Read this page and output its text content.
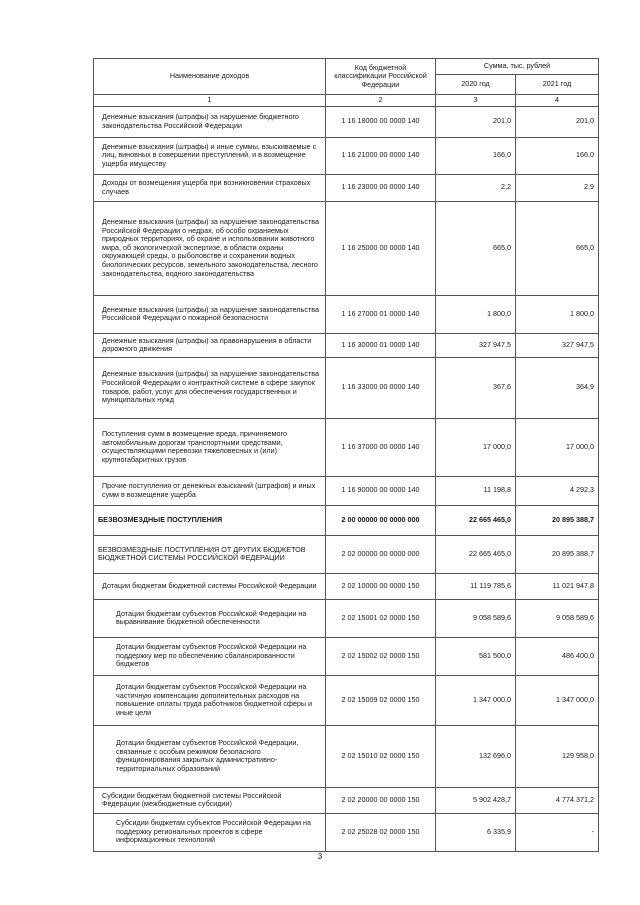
Наименование доходов	Код бюджетной классификации Российской Федерации	Сумма, тыс. рублей	
		2020 год	2021 год
1	2	3	4
Денежные взыскания (штрафы) за нарушение бюджетного законодательства Российской Федерации	1 16 18000 00 0000 140	201,0	201,0
Денежные взыскания (штрафы) и иные суммы, взыскиваемые с лиц, виновных в совершении преступлений, и в возмещение ущерба имуществу	1 16 21000 00 0000 140	166,0	166,0
Доходы от возмещения ущерба при возникновении страховых случаев	1 16 23000 00 0000 140	2,2	2,9
Денежные взыскания (штрафы) за нарушение законодательства Российской Федерации о недрах, об особо охраняемых природных территориях, об охране и использовании животного мира, об экологической экспертизе, в области охраны окружающей среды, о рыболовстве и сохранении водных биологических ресурсов, земельного законодательства, лесного законодательства, водного законодательства	1 16 25000 00 0000 140	665,0	665,0
Денежные взыскания (штрафы) за нарушение законодательства Российской Федерации о пожарной безопасности	1 16 27000 01 0000 140	1 800,0	1 800,0
Денежные взыскания (штрафы) за правонарушения в области дорожного движения	1 16 30000 01 0000 140	327 947,5	327 947,5
Денежные взыскания (штрафы) за нарушение законодательства Российской Федерации о контрактной системе в сфере закупок товаров, работ, услуг для обеспечения государственных и муниципальных нужд	1 16 33000 00 0000 140	367,6	364,9
Поступления сумм в возмещение вреда, причиняемого автомобильным дорогам транспортными средствами, осуществляющими перевозки тяжеловесных и (или) крупногабаритных грузов	1 16 37000 00 0000 140	17 000,0	17 000,0
Прочие поступления от денежных взысканий (штрафов) и иных сумм в возмещение ущерба	1 16 90000 00 0000 140	11 198,8	4 292,3
БЕЗВОЗМЕЗДНЫЕ ПОСТУПЛЕНИЯ	2 00 00000 00 0000 000	22 665 465,0	20 895 388,7
БЕЗВОЗМЕЗДНЫЕ ПОСТУПЛЕНИЯ ОТ ДРУГИХ БЮДЖЕТОВ БЮДЖЕТНОЙ СИСТЕМЫ РОССИЙСКОЙ ФЕДЕРАЦИИ	2 02 00000 00 0000 000	22 665 465,0	20 895 388,7
Дотации бюджетам бюджетной системы Российской Федерации	2 02 10000 00 0000 150	11 119 785,6	11 021 947,8
Дотации бюджетам субъектов Российской Федерации на выравнивание бюджетной обеспеченности	2 02 15001 02 0000 150	9 058 589,6	9 058 589,6
Дотации бюджетам субъектов Российской Федерации на поддержку мер по обеспечению сбалансированности бюджетов	2 02 15002 02 0000 150	581 500,0	486 400,0
Дотации бюджетам субъектов Российской Федерации на частичную компенсацию дополнительных расходов на повышение оплаты труда работников бюджетной сферы и иные цели	2 02 15009 02 0000 150	1 347 000,0	1 347 000,0
Дотации бюджетам субъектов Российской Федерации, связанные с особым режимом безопасного функционирования закрытых административно-территориальных образований	2 02 15010 02 0000 150	132 696,0	129 958,0
Субсидии бюджетам бюджетной системы Российской Федерации (межбюджетные субсидии)	2 02 20000 00 0000 150	5 902 428,7	4 774 371,2
Субсидии бюджетам субъектов Российской Федерации на поддержку региональных проектов в сфере информационных технологий	2 02 25028 02 0000 150	6 335,9	-
3
